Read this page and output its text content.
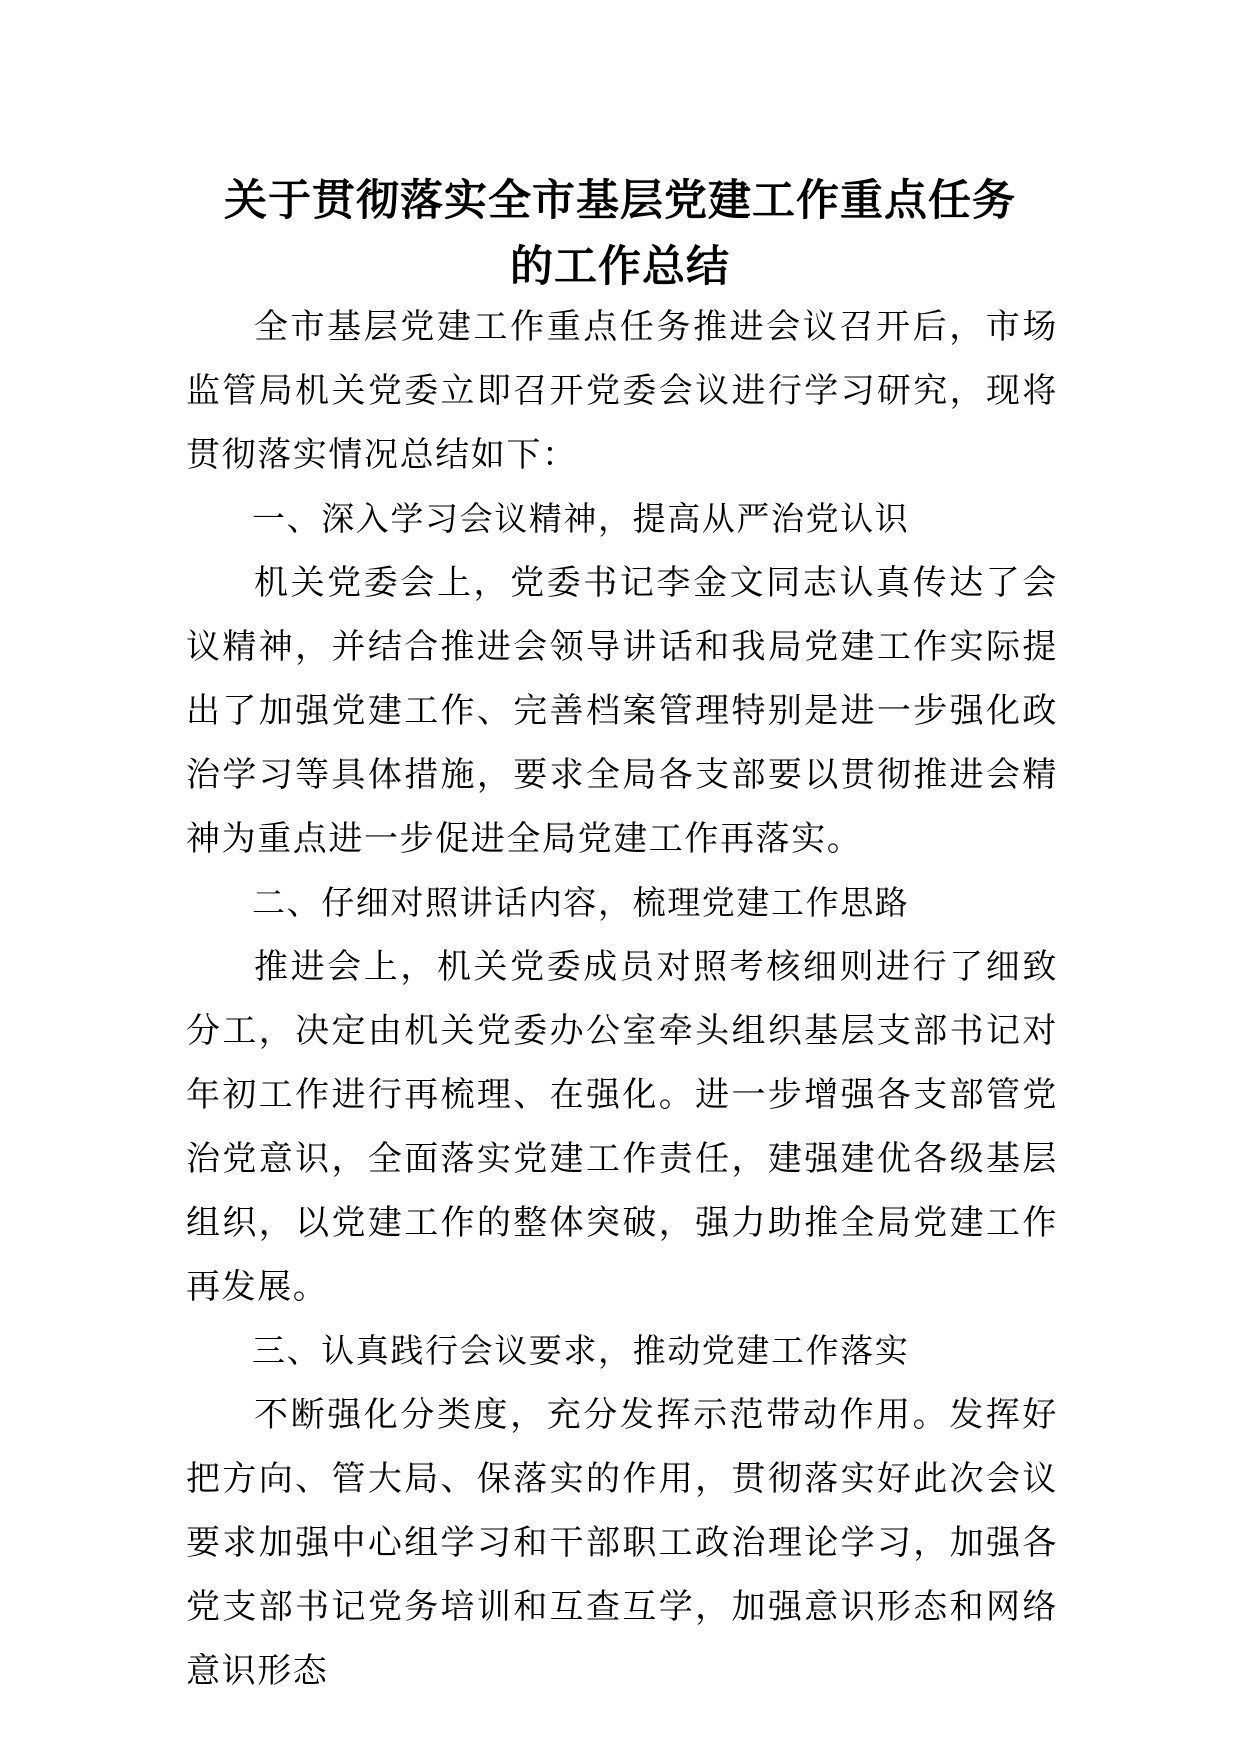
关于贯彻落实全市基层党建工作重点任务
的工作总结

全市基层党建工作重点任务推进会议召开后，市场监管局机关党委立即召开党委会议进行学习研究，现将贯彻落实情况总结如下：

一、深入学习会议精神，提高从严治党认识

机关党委会上，党委书记李金文同志认真传达了会议精神，并结合推进会领导讲话和我局党建工作实际提出了加强党建工作、完善档案管理特别是进一步强化政治学习等具体措施，要求全局各支部要以贯彻推进会精神为重点进一步促进全局党建工作再落实。

二、仔细对照讲话内容，梳理党建工作思路

推进会上，机关党委成员对照考核细则进行了细致分工，决定由机关党委办公室牵头组织基层支部书记对年初工作进行再梳理、在强化。进一步增强各支部管党治党意识，全面落实党建工作责任，建强建优各级基层组织，以党建工作的整体突破，强力助推全局党建工作再发展。

三、认真践行会议要求，推动党建工作落实

不断强化分类度，充分发挥示范带动作用。发挥好把方向、管大局、保落实的作用，贯彻落实好此次会议要求加强中心组学习和干部职工政治理论学习，加强各党支部书记党务培训和互查互学，加强意识形态和网络意识形态
